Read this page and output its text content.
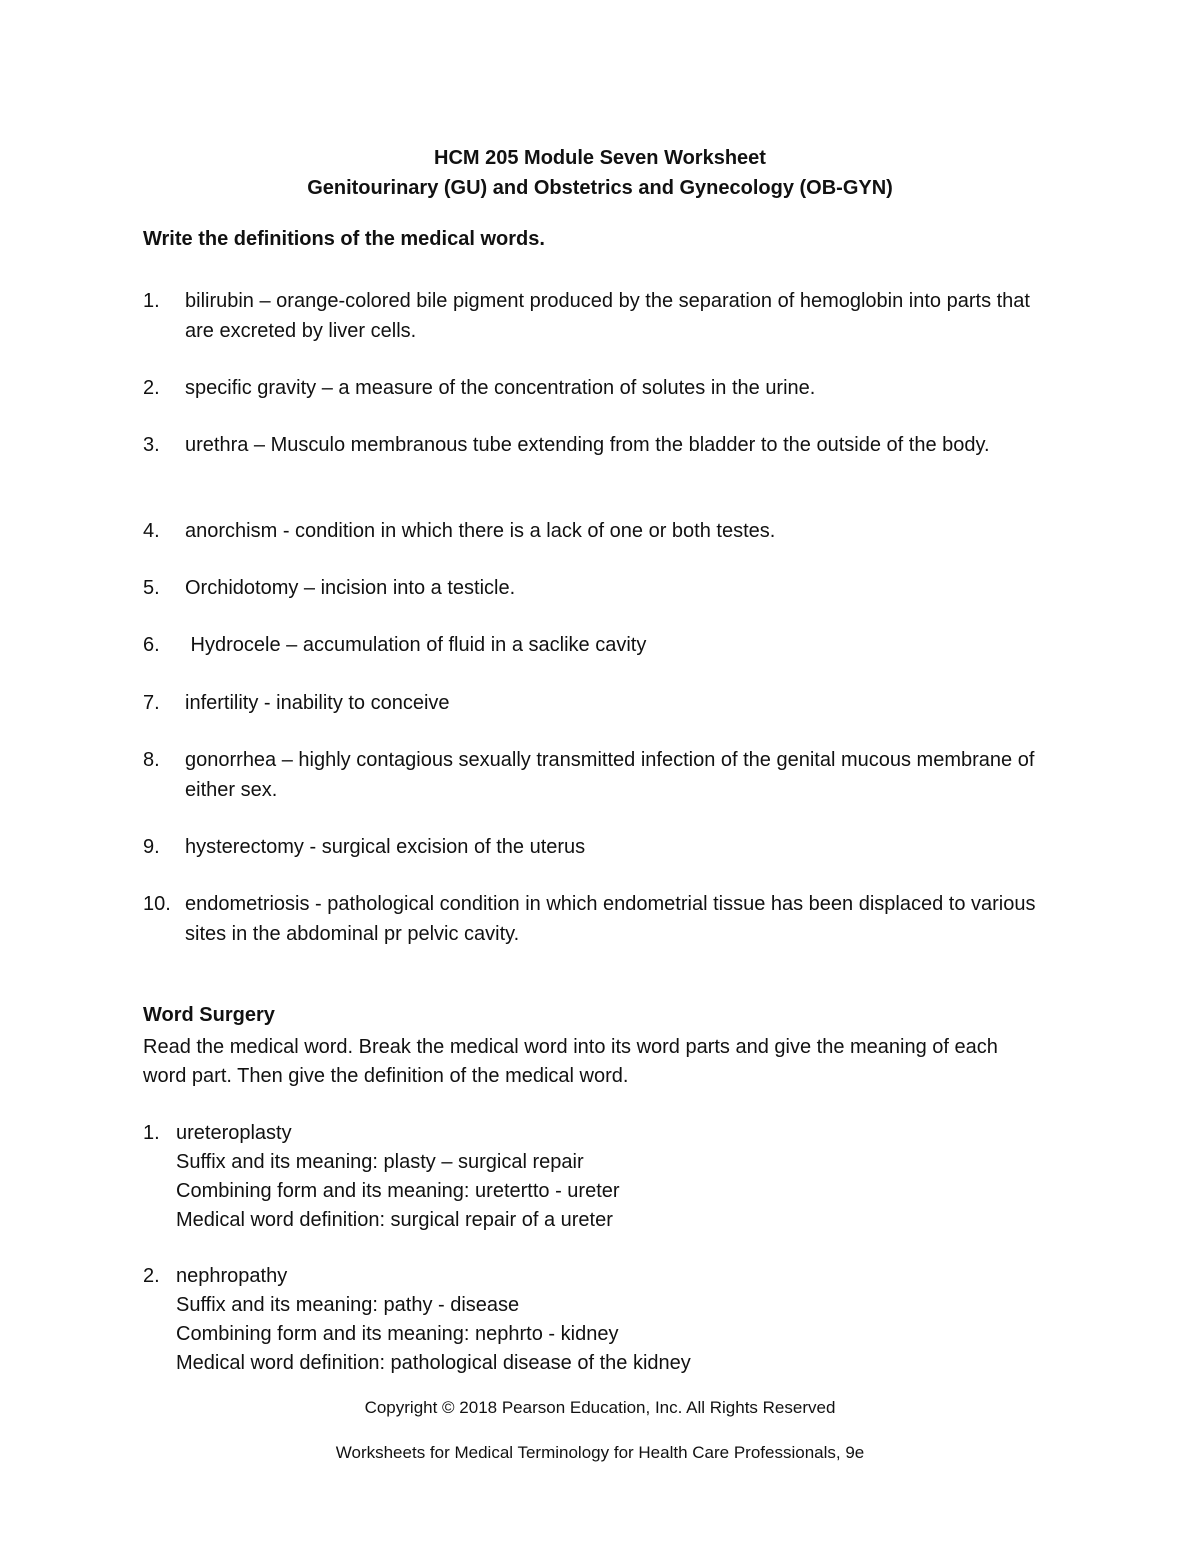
HCM 205 Module Seven Worksheet

Genitourinary (GU) and Obstetrics and Gynecology (OB-GYN)

Write the definitions of the medical words.

1.	bilirubin – orange-colored bile pigment produced by the separation of hemoglobin into parts that are excreted by liver cells.
2.	specific gravity – a measure of the concentration of solutes in the urine.
3.	urethra – Musculo membranous tube extending from the bladder to the outside of the body.
4.	anorchism - condition in which there is a lack of one or both testes.
5.	Orchidotomy – incision into a testicle.
6.	Hydrocele – accumulation of fluid in a saclike cavity
7.	infertility - inability to conceive
8.	gonorrhea – highly contagious sexually transmitted infection of the genital mucous membrane of either sex.
9.	hysterectomy - surgical excision of the uterus
10. endometriosis - pathological condition in which endometrial tissue has been displaced to various sites in the abdominal pr pelvic cavity.

Word Surgery

Read the medical word. Break the medical word into its word parts and give the meaning of each word part. Then give the definition of the medical word.
1. ureteroplasty
Suffix and its meaning: plasty – surgical repair
Combining form and its meaning: uretertto - ureter
Medical word definition: surgical repair of a ureter
2. nephropathy
Suffix and its meaning: pathy - disease
Combining form and its meaning: nephrto - kidney
Medical word definition: pathological disease of the kidney
Copyright © 2018 Pearson Education, Inc. All Rights Reserved
Worksheets for Medical Terminology for Health Care Professionals, 9e
